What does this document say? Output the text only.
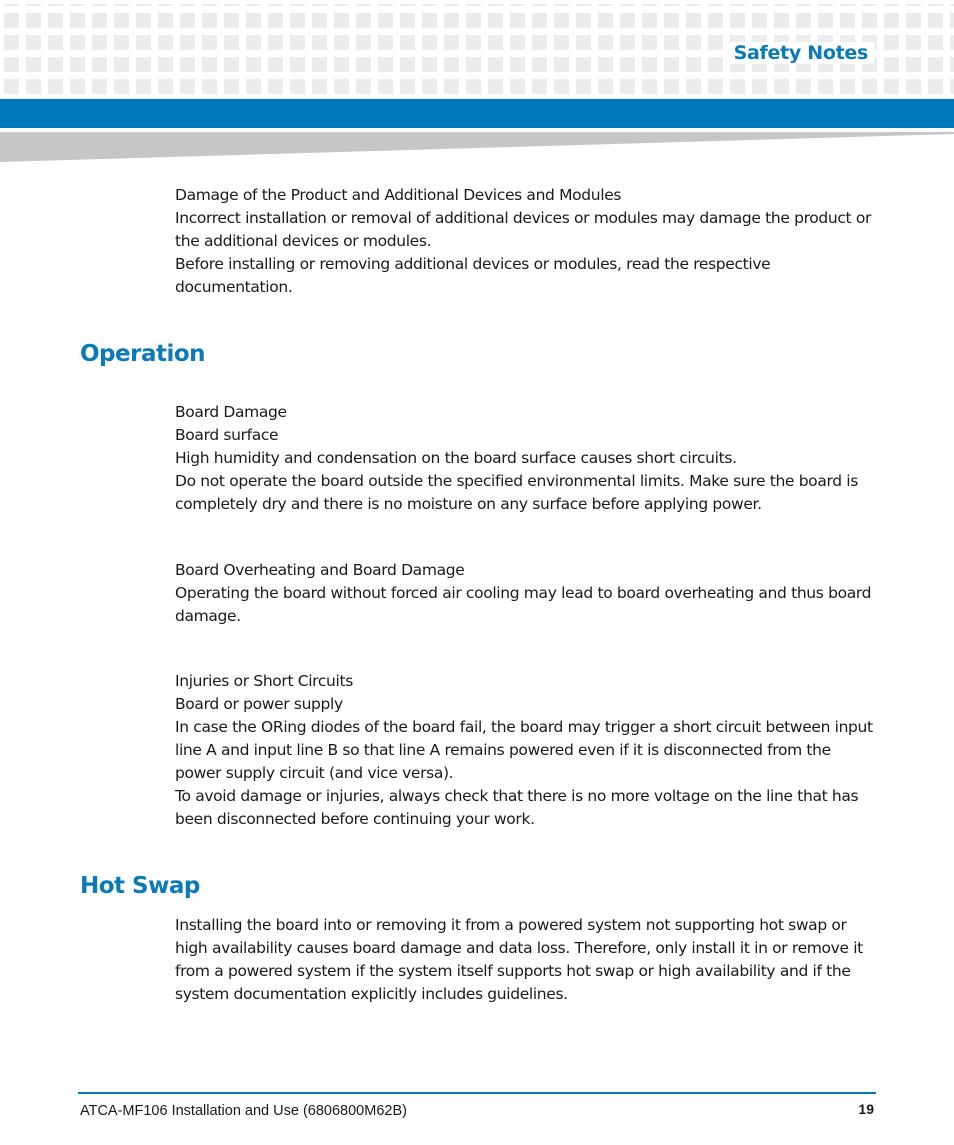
Safety Notes
Damage of the Product and Additional Devices and Modules
Incorrect installation or removal of additional devices or modules may damage the product or the additional devices or modules.
Before installing or removing additional devices or modules, read the respective documentation.
Operation
Board Damage
Board surface
High humidity and condensation on the board surface causes short circuits.
Do not operate the board outside the specified environmental limits. Make sure the board is completely dry and there is no moisture on any surface before applying power.
Board Overheating and Board Damage
Operating the board without forced air cooling may lead to board overheating and thus board damage.
Injuries or Short Circuits
Board or power supply
In case the ORing diodes of the board fail, the board may trigger a short circuit between input line A and input line B so that line A remains powered even if it is disconnected from the power supply circuit (and vice versa).
To avoid damage or injuries, always check that there is no more voltage on the line that has been disconnected before continuing your work.
Hot Swap
Installing the board into or removing it from a powered system not supporting hot swap or high availability causes board damage and data loss. Therefore, only install it in or remove it from a powered system if the system itself supports hot swap or high availability and if the system documentation explicitly includes guidelines.
ATCA-MF106 Installation and Use (6806800M62B)	19
